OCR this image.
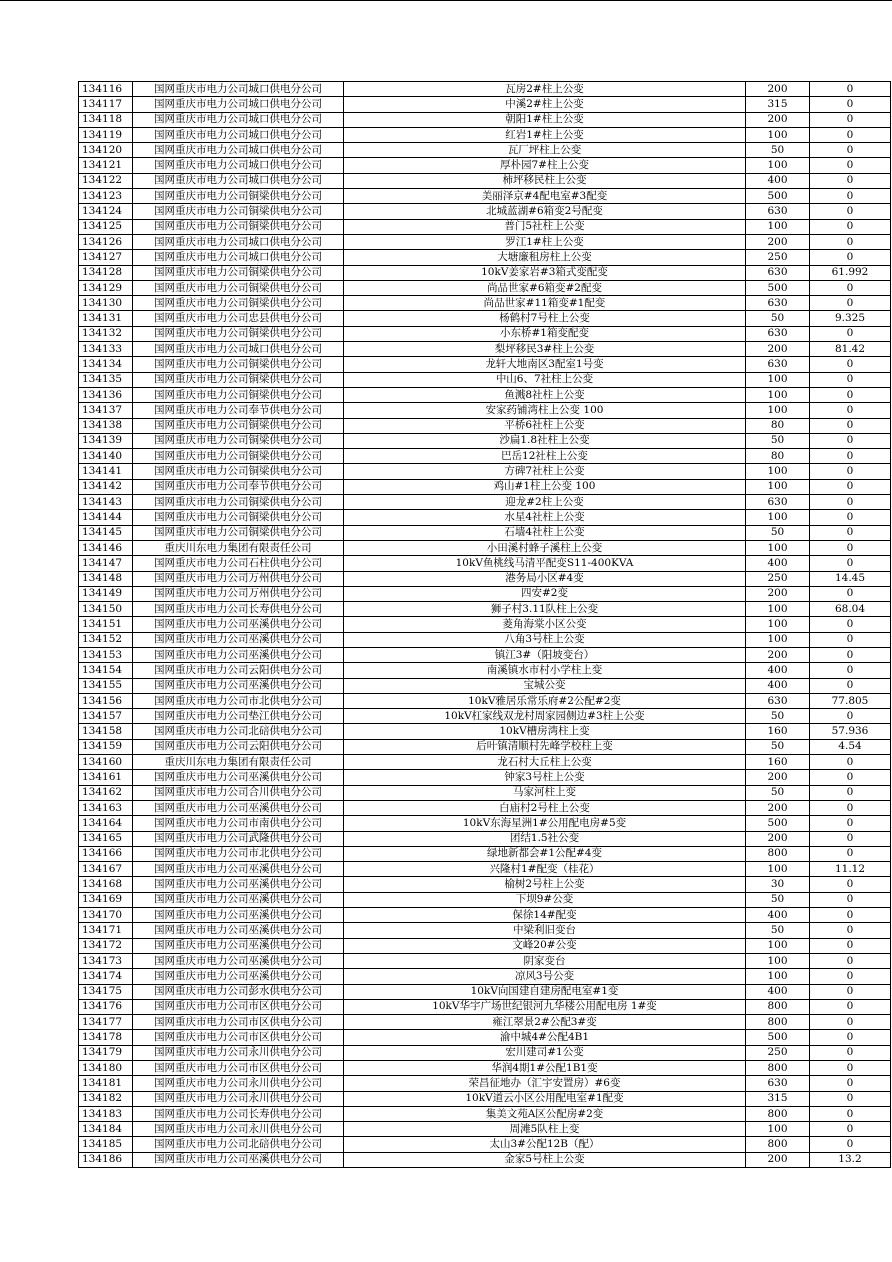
134116	国网重庆市电力公司城口供电分公司	瓦房2#柱上公变	200	0
134117	国网重庆市电力公司城口供电分公司	中溪2#柱上公变	315	0
134118	国网重庆市电力公司城口供电分公司	朝阳1#柱上公变	200	0
134119	国网重庆市电力公司城口供电分公司	红岩1#柱上公变	100	0
134120	国网重庆市电力公司城口供电分公司	瓦厂坪柱上公变	50	0
134121	国网重庆市电力公司城口供电分公司	厚朴园7#柱上公变	100	0
134122	国网重庆市电力公司城口供电分公司	柿坪移民柱上公变	400	0
134123	国网重庆市电力公司铜梁供电分公司	美丽泽京#4配电室#3配变	500	0
134124	国网重庆市电力公司铜梁供电分公司	北城蓝湖#6箱变2号配变	630	0
134125	国网重庆市电力公司铜梁供电分公司	普门5社柱上公变	100	0
134126	国网重庆市电力公司城口供电分公司	罗江1#柱上公变	200	0
134127	国网重庆市电力公司城口供电分公司	大塘廉租房柱上公变	250	0
134128	国网重庆市电力公司铜梁供电分公司	10kV姜家岩#3箱式变配变	630	61.992
134129	国网重庆市电力公司铜梁供电分公司	尚品世家#6箱变#2配变	500	0
134130	国网重庆市电力公司铜梁供电分公司	尚品世家#11箱变#1配变	630	0
134131	国网重庆市电力公司忠县供电分公司	杨鹤村7号柱上公变	50	9.325
134132	国网重庆市电力公司铜梁供电分公司	小东桥#1箱变配变	630	0
134133	国网重庆市电力公司城口供电分公司	梨坪移民3#柱上公变	200	81.42
134134	国网重庆市电力公司铜梁供电分公司	龙轩大地南区3配室1号变	630	0
134135	国网重庆市电力公司铜梁供电分公司	中山6、7社柱上公变	100	0
134136	国网重庆市电力公司铜梁供电分公司	鱼溅8社柱上公变	100	0
134137	国网重庆市电力公司奉节供电分公司	安家药铺湾柱上公变 100	100	0
134138	国网重庆市电力公司铜梁供电分公司	平桥6社柱上公变	80	0
134139	国网重庆市电力公司铜梁供电分公司	沙扁1.8社柱上公变	50	0
134140	国网重庆市电力公司铜梁供电分公司	巴岳12社柱上公变	80	0
134141	国网重庆市电力公司铜梁供电分公司	方碑7社柱上公变	100	0
134142	国网重庆市电力公司奉节供电分公司	鸡山#1柱上公变 100	100	0
134143	国网重庆市电力公司铜梁供电分公司	迎龙#2柱上公变	630	0
134144	国网重庆市电力公司铜梁供电分公司	水星4社柱上公变	100	0
134145	国网重庆市电力公司铜梁供电分公司	石墙4社柱上公变	50	0
134146	重庆川东电力集团有限责任公司	小田溪村蜂子溪柱上公变	100	0
134147	国网重庆市电力公司石柱供电分公司	10kV鱼桃线马清平配变S11-400KVA	400	0
134148	国网重庆市电力公司万州供电分公司	港务局小区#4变	250	14.45
134149	国网重庆市电力公司万州供电分公司	四安#2变	200	0
134150	国网重庆市电力公司长寿供电分公司	狮子村3.11队柱上公变	100	68.04
134151	国网重庆市电力公司巫溪供电分公司	菱角海棠小区公变	100	0
134152	国网重庆市电力公司巫溪供电分公司	八角3号柱上公变	100	0
134153	国网重庆市电力公司巫溪供电分公司	镇江3#（阳坡变台）	200	0
134154	国网重庆市电力公司云阳供电分公司	南溪镇水市村小学柱上变	400	0
134155	国网重庆市电力公司巫溪供电分公司	宝城公变	400	0
134156	国网重庆市电力公司市北供电分公司	10kV雅居乐常乐府#2公配#2变	630	77.805
134157	国网重庆市电力公司垫江供电分公司	10kV杠家线双龙村周家园侧边#3柱上公变	50	0
134158	国网重庆市电力公司北碚供电分公司	10kV槽房湾柱上变	160	57.936
134159	国网重庆市电力公司云阳供电分公司	后叶镇清顺村先峰学校柱上变	50	4.54
134160	重庆川东电力集团有限责任公司	龙石村大丘柱上公变	160	0
134161	国网重庆市电力公司巫溪供电分公司	钟家3号柱上公变	200	0
134162	国网重庆市电力公司合川供电分公司	马家河柱上变	50	0
134163	国网重庆市电力公司巫溪供电分公司	白庙村2号柱上公变	200	0
134164	国网重庆市电力公司市南供电分公司	10kV东海星洲1#公用配电房#5变	500	0
134165	国网重庆市电力公司武隆供电分公司	团结1.5社公变	200	0
134166	国网重庆市电力公司市北供电分公司	绿地新都会#1公配#4变	800	0
134167	国网重庆市电力公司巫溪供电分公司	兴隆村1#配变（桂花）	100	11.12
134168	国网重庆市电力公司巫溪供电分公司	榆树2号柱上公变	30	0
134169	国网重庆市电力公司巫溪供电分公司	下坝9#公变	50	0
134170	国网重庆市电力公司巫溪供电分公司	保徐14#配变	400	0
134171	国网重庆市电力公司巫溪供电分公司	中梁利旧变台	50	0
134172	国网重庆市电力公司巫溪供电分公司	文峰20#公变	100	0
134173	国网重庆市电力公司巫溪供电分公司	阴家变台	100	0
134174	国网重庆市电力公司巫溪供电分公司	凉风3号公变	100	0
134175	国网重庆市电力公司彭水供电分公司	10kV向国建自建房配电室#1变	400	0
134176	国网重庆市电力公司市区供电分公司	10kV华宇广场世纪银河九华楼公用配电房 1#变	800	0
134177	国网重庆市电力公司市区供电分公司	雍江翠景2#公配3#变	800	0
134178	国网重庆市电力公司市区供电分公司	渝中城4#公配4B1	500	0
134179	国网重庆市电力公司永川供电分公司	宏川建司#1公变	250	0
134180	国网重庆市电力公司市区供电分公司	华润4期1#公配1B1变	800	0
134181	国网重庆市电力公司永川供电分公司	荣昌征地办（汇宇安置房）#6变	630	0
134182	国网重庆市电力公司永川供电分公司	10kV道云小区公用配电室#1配变	315	0
134183	国网重庆市电力公司长寿供电分公司	集美文苑A区公配房#2变	800	0
134184	国网重庆市电力公司永川供电分公司	周滩5队柱上变	100	0
134185	国网重庆市电力公司北碚供电分公司	太山3#公配12B（配）	800	0
134186	国网重庆市电力公司巫溪供电分公司	金家5号柱上公变	200	13.2
